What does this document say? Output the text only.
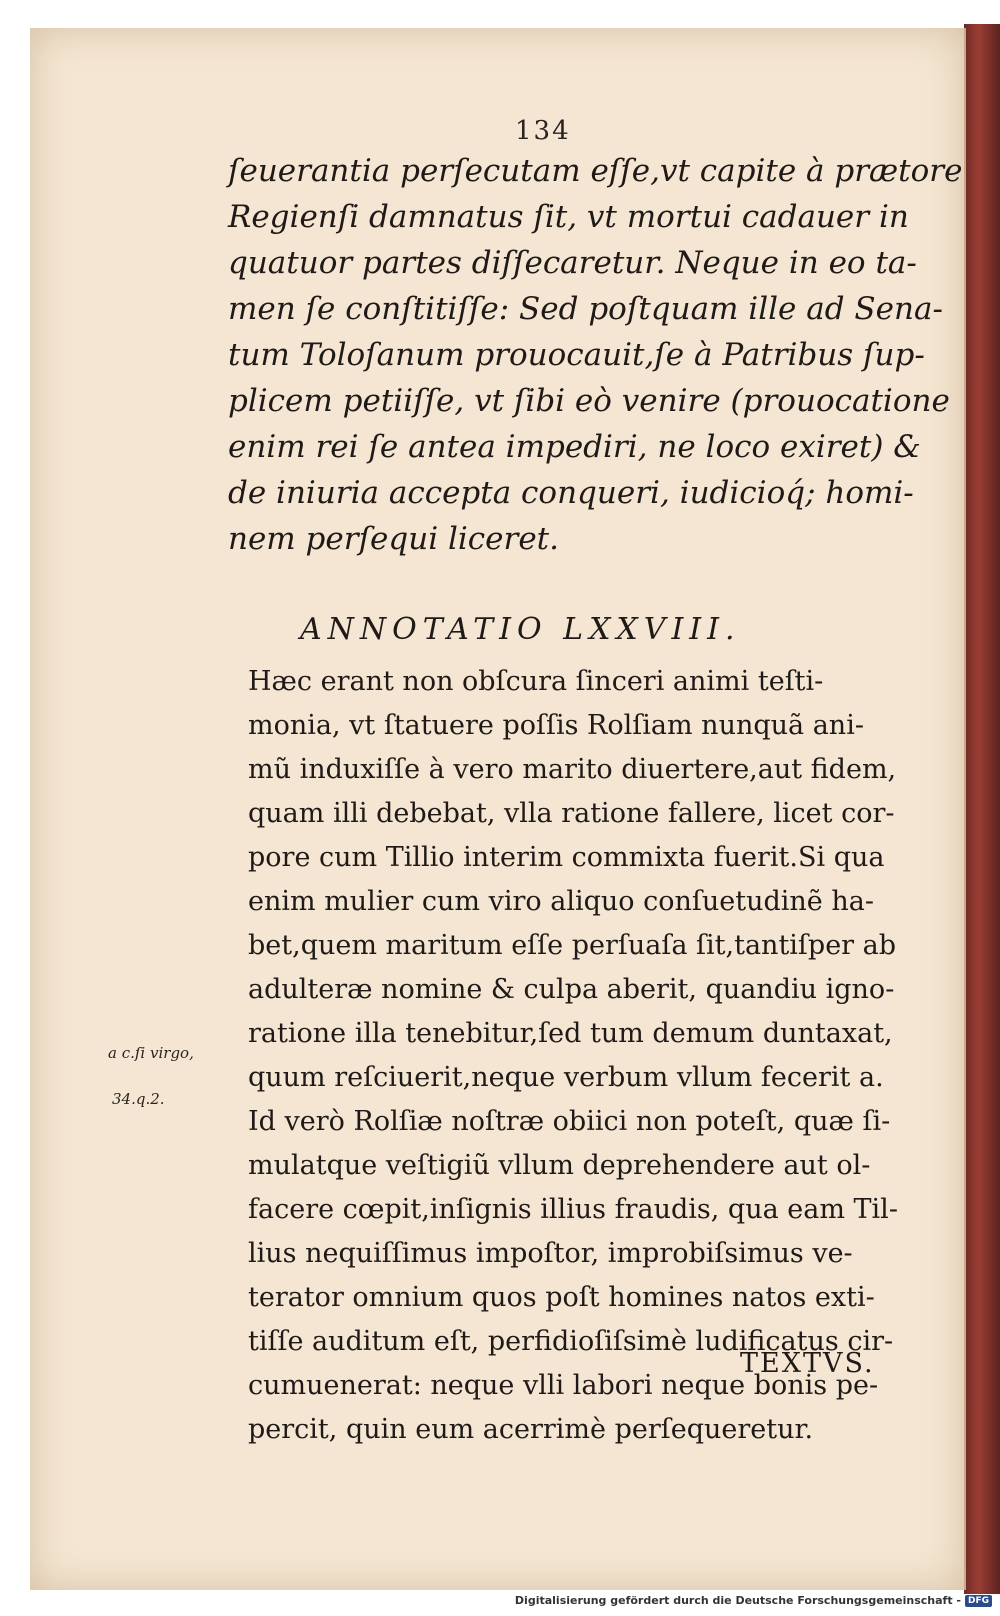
134
ſeuerantia perſecutam eſſe,vt capite à prætore
Regienſi damnatus ſit, vt mortui cadauer in
quatuor partes diſſecaretur. Neque in eo ta-
men ſe conſtitiſſe: Sed poſtquam ille ad Sena-
tum Toloſanum prouocauit,ſe à Patribus ſup-
plicem petiiſſe, vt ſibi eò venire (prouocatione
enim rei ſe antea impediri, ne loco exiret) &
de iniuria accepta conqueri, iudicioq́; homi-
nem perſequi liceret.
ANNOTATIO LXXVIII.
Hæc erant non obſcura ſinceri animi teſti-
monia, vt ſtatuere poſſis Rolſiam nunquã ani-
mũ induxiſſe à vero marito diuertere,aut fidem,
quam illi debebat, vlla ratione fallere, licet cor-
pore cum Tillio interim commixta fuerit.Si qua
enim mulier cum viro aliquo conſuetudinẽ ha-
bet,quem maritum eſſe perſuaſa ſit,tantiſper ab
adulteræ nomine & culpa aberit, quandiu igno-
ratione illa tenebitur,ſed tum demum duntaxat,
quum reſciuerit,neque verbum vllum fecerit a.
Id verò Rolſiæ noſtræ obiici non poteſt, quæ ſi-
mulatque veſtigiũ vllum deprehendere aut ol-
facere cœpit,inſignis illius fraudis, qua eam Til-
lius nequiſſimus impoſtor, improbiſsimus ve-
terator omnium quos poſt homines natos exti-
tiſſe auditum eſt, perfidioſiſsimè ludificatus cir-
cumuenerat: neque vlli labori neque bonis pe-
percit, quin eum acerrimè perſequeretur.
a c.ſi virgo,
34.q.2.
TEXTVS.
Digitalisierung gefördert durch die Deutsche Forschungsgemeinschaft - DFG
